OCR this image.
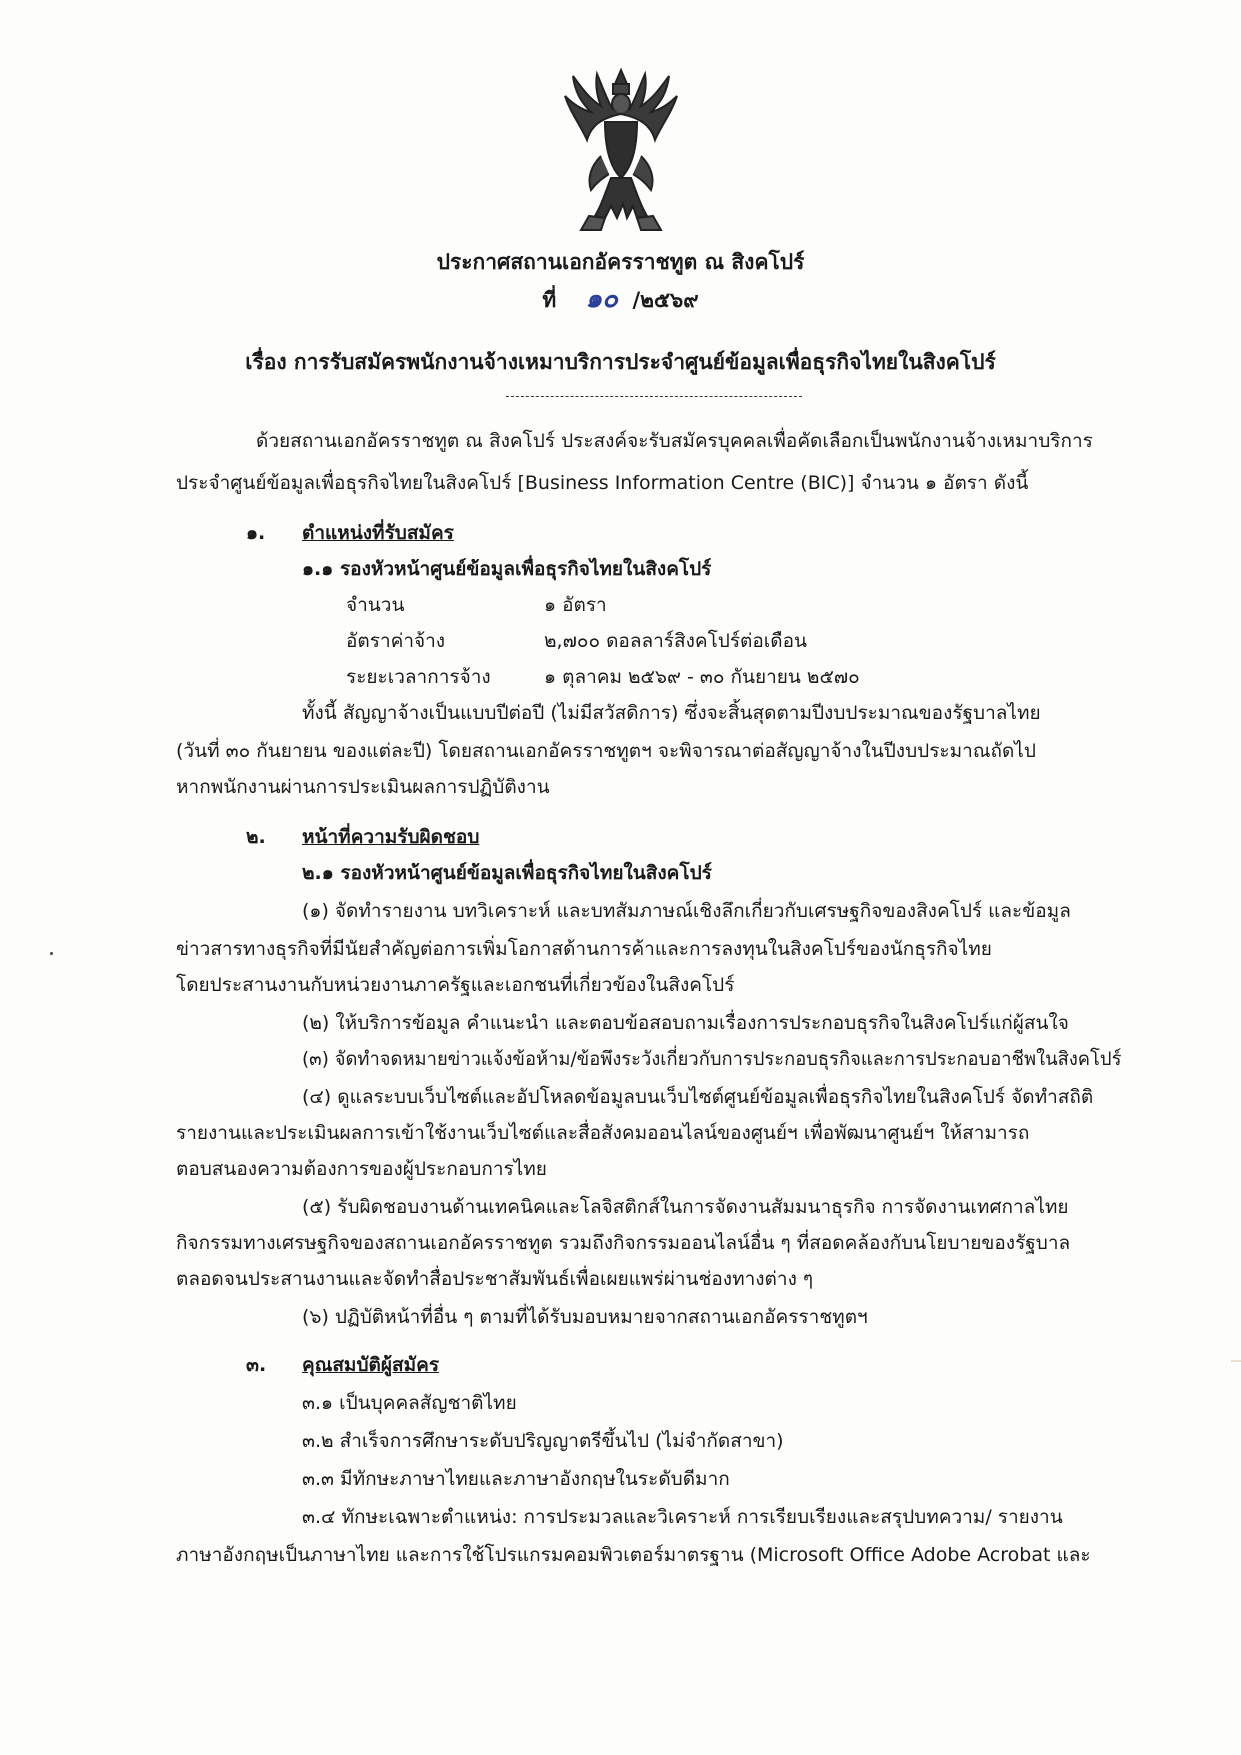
ประกาศสถานเอกอัครราชทูต ณ สิงคโปร์
ที่ ๑๐ /๒๕๖๙
เรื่อง การรับสมัครพนักงานจ้างเหมาบริการประจำศูนย์ข้อมูลเพื่อธุรกิจไทยในสิงคโปร์
ด้วยสถานเอกอัครราชทูต ณ สิงคโปร์ ประสงค์จะรับสมัครบุคคลเพื่อคัดเลือกเป็นพนักงานจ้างเหมาบริการ
ประจำศูนย์ข้อมูลเพื่อธุรกิจไทยในสิงคโปร์ [Business Information Centre (BIC)] จำนวน ๑ อัตรา ดังนี้
๑. ตำแหน่งที่รับสมัคร
๑.๑ รองหัวหน้าศูนย์ข้อมูลเพื่อธุรกิจไทยในสิงคโปร์
จำนวน	๑ อัตรา
อัตราค่าจ้าง	๒,๗๐๐ ดอลลาร์สิงคโปร์ต่อเดือน
ระยะเวลาการจ้าง	๑ ตุลาคม ๒๕๖๙ - ๓๐ กันยายน ๒๕๗๐
ทั้งนี้ สัญญาจ้างเป็นแบบปีต่อปี (ไม่มีสวัสดิการ) ซึ่งจะสิ้นสุดตามปีงบประมาณของรัฐบาลไทย
(วันที่ ๓๐ กันยายน ของแต่ละปี) โดยสถานเอกอัครราชทูตฯ จะพิจารณาต่อสัญญาจ้างในปีงบประมาณถัดไป
หากพนักงานผ่านการประเมินผลการปฏิบัติงาน
๒. หน้าที่ความรับผิดชอบ
๒.๑ รองหัวหน้าศูนย์ข้อมูลเพื่อธุรกิจไทยในสิงคโปร์
(๑) จัดทำรายงาน บทวิเคราะห์ และบทสัมภาษณ์เชิงลึกเกี่ยวกับเศรษฐกิจของสิงคโปร์ และข้อมูล
ข่าวสารทางธุรกิจที่มีนัยสำคัญต่อการเพิ่มโอกาสด้านการค้าและการลงทุนในสิงคโปร์ของนักธุรกิจไทย
โดยประสานงานกับหน่วยงานภาครัฐและเอกชนที่เกี่ยวข้องในสิงคโปร์
(๒) ให้บริการข้อมูล คำแนะนำ และตอบข้อสอบถามเรื่องการประกอบธุรกิจในสิงคโปร์แก่ผู้สนใจ
(๓) จัดทำจดหมายข่าวแจ้งข้อห้าม/ข้อพึงระวังเกี่ยวกับการประกอบธุรกิจและการประกอบอาชีพในสิงคโปร์
(๔) ดูแลระบบเว็บไซต์และอัปโหลดข้อมูลบนเว็บไซต์ศูนย์ข้อมูลเพื่อธุรกิจไทยในสิงคโปร์ จัดทำสถิติ
รายงานและประเมินผลการเข้าใช้งานเว็บไซต์และสื่อสังคมออนไลน์ของศูนย์ฯ เพื่อพัฒนาศูนย์ฯ ให้สามารถ
ตอบสนองความต้องการของผู้ประกอบการไทย
(๕) รับผิดชอบงานด้านเทคนิคและโลจิสติกส์ในการจัดงานสัมมนาธุรกิจ การจัดงานเทศกาลไทย
กิจกรรมทางเศรษฐกิจของสถานเอกอัครราชทูต รวมถึงกิจกรรมออนไลน์อื่น ๆ ที่สอดคล้องกับนโยบายของรัฐบาล
ตลอดจนประสานงานและจัดทำสื่อประชาสัมพันธ์เพื่อเผยแพร่ผ่านช่องทางต่าง ๆ
(๖) ปฏิบัติหน้าที่อื่น ๆ ตามที่ได้รับมอบหมายจากสถานเอกอัครราชทูตฯ
๓. คุณสมบัติผู้สมัคร
๓.๑ เป็นบุคคลสัญชาติไทย
๓.๒ สำเร็จการศึกษาระดับปริญญาตรีขึ้นไป (ไม่จำกัดสาขา)
๓.๓ มีทักษะภาษาไทยและภาษาอังกฤษในระดับดีมาก
๓.๔ ทักษะเฉพาะตำแหน่ง: การประมวลและวิเคราะห์ การเรียบเรียงและสรุปบทความ/ รายงาน
ภาษาอังกฤษเป็นภาษาไทย และการใช้โปรแกรมคอมพิวเตอร์มาตรฐาน (Microsoft Office Adobe Acrobat และ
